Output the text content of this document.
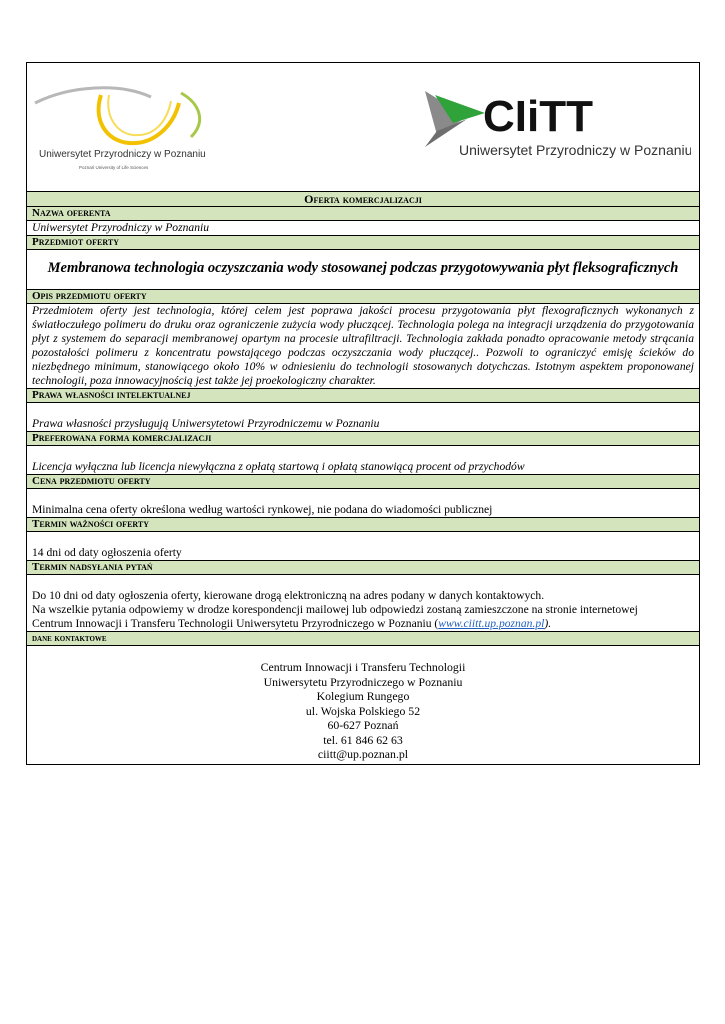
Uniwersytet Przyrodniczy w Poznaniu
Poznań University of Life Sciences
CIiTT
Uniwersytet Przyrodniczy w Poznaniu
Oferta komercjalizacji
Nazwa oferenta
Uniwersytet Przyrodniczy w Poznaniu
Przedmiot oferty
Membranowa technologia oczyszczania wody stosowanej podczas przygotowywania płyt fleksograficznych
Opis przedmiotu oferty
Przedmiotem oferty jest technologia, której celem jest poprawa jakości procesu przygotowania płyt flexograficznych wykonanych z światłoczułego polimeru do druku oraz ograniczenie zużycia wody płuczącej. Technologia polega na integracji urządzenia do przygotowania płyt z systemem do separacji membranowej opartym na procesie ultrafiltracji. Technologia zakłada ponadto opracowanie metody strącania pozostałości polimeru z koncentratu powstającego podczas oczyszczania wody płuczącej.. Pozwoli to ograniczyć emisję ścieków do niezbędnego minimum, stanowiącego około 10% w odniesieniu do technologii stosowanych dotychczas. Istotnym aspektem proponowanej technologii, poza innowacyjnością jest także jej proekologiczny charakter.
Prawa własności intelektualnej
Prawa własności przysługują Uniwersytetowi Przyrodniczemu w Poznaniu
Preferowana forma komercjalizacji
Licencja wyłączna lub licencja niewyłączna z opłatą startową i opłatą stanowiącą procent od przychodów
Cena przedmiotu oferty
Minimalna cena oferty określona według wartości rynkowej, nie podana do wiadomości publicznej
Termin ważności oferty
14 dni od daty ogłoszenia oferty
Termin nadsyłania pytań
Do 10 dni od daty ogłoszenia oferty, kierowane drogą elektroniczną na adres podany w danych kontaktowych.
Na wszelkie pytania odpowiemy w drodze korespondencji mailowej lub odpowiedzi zostaną zamieszczone na stronie internetowej
Centrum Innowacji i Transferu Technologii Uniwersytetu Przyrodniczego w Poznaniu (www.ciitt.up.poznan.pl).
dane kontaktowe
Centrum Innowacji i Transferu Technologii
Uniwersytetu Przyrodniczego w Poznaniu
Kolegium Rungego
ul. Wojska Polskiego 52
60-627 Poznań
tel. 61 846 62 63
ciitt@up.poznan.pl
